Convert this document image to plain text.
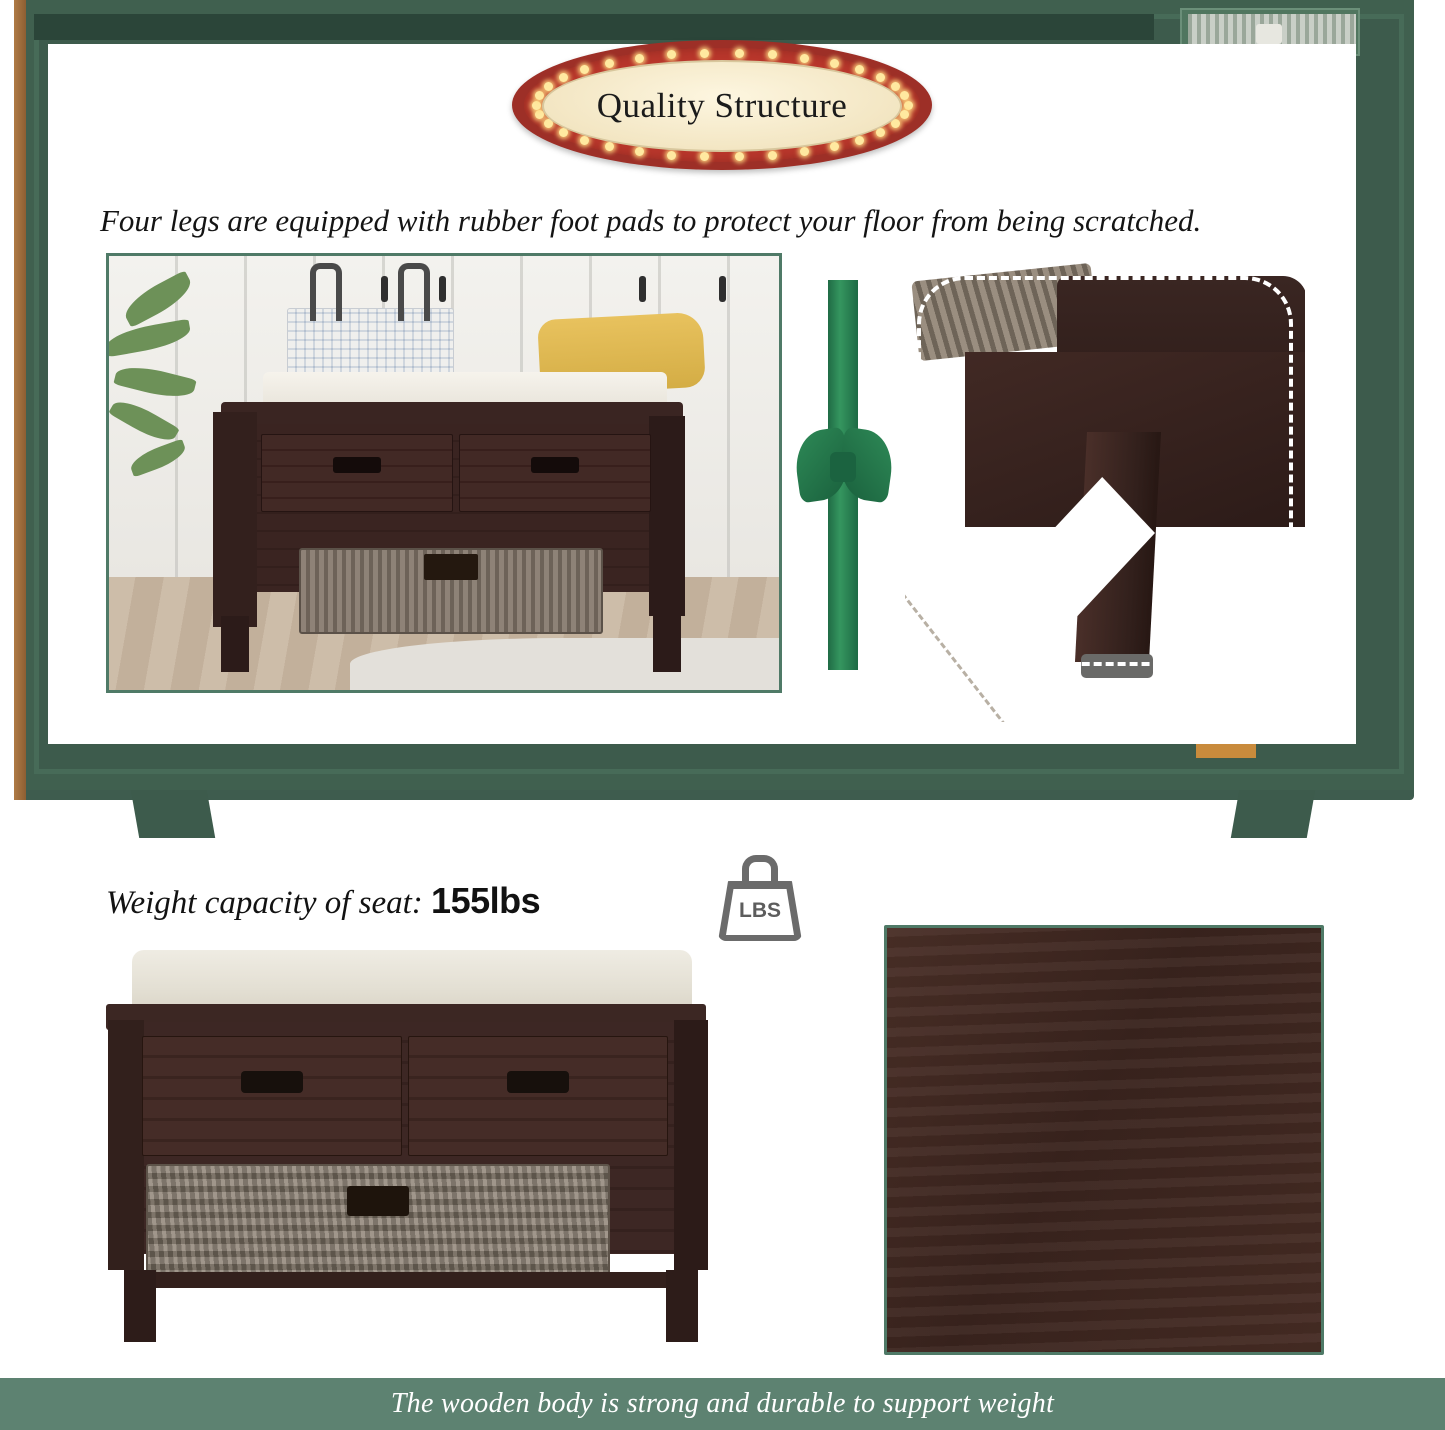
Quality Structure
Four legs are equipped with rubber foot pads to protect your floor from being scratched.
Weight capacity of seat: 155lbs	LBS
The wooden body is strong and durable to support weight
